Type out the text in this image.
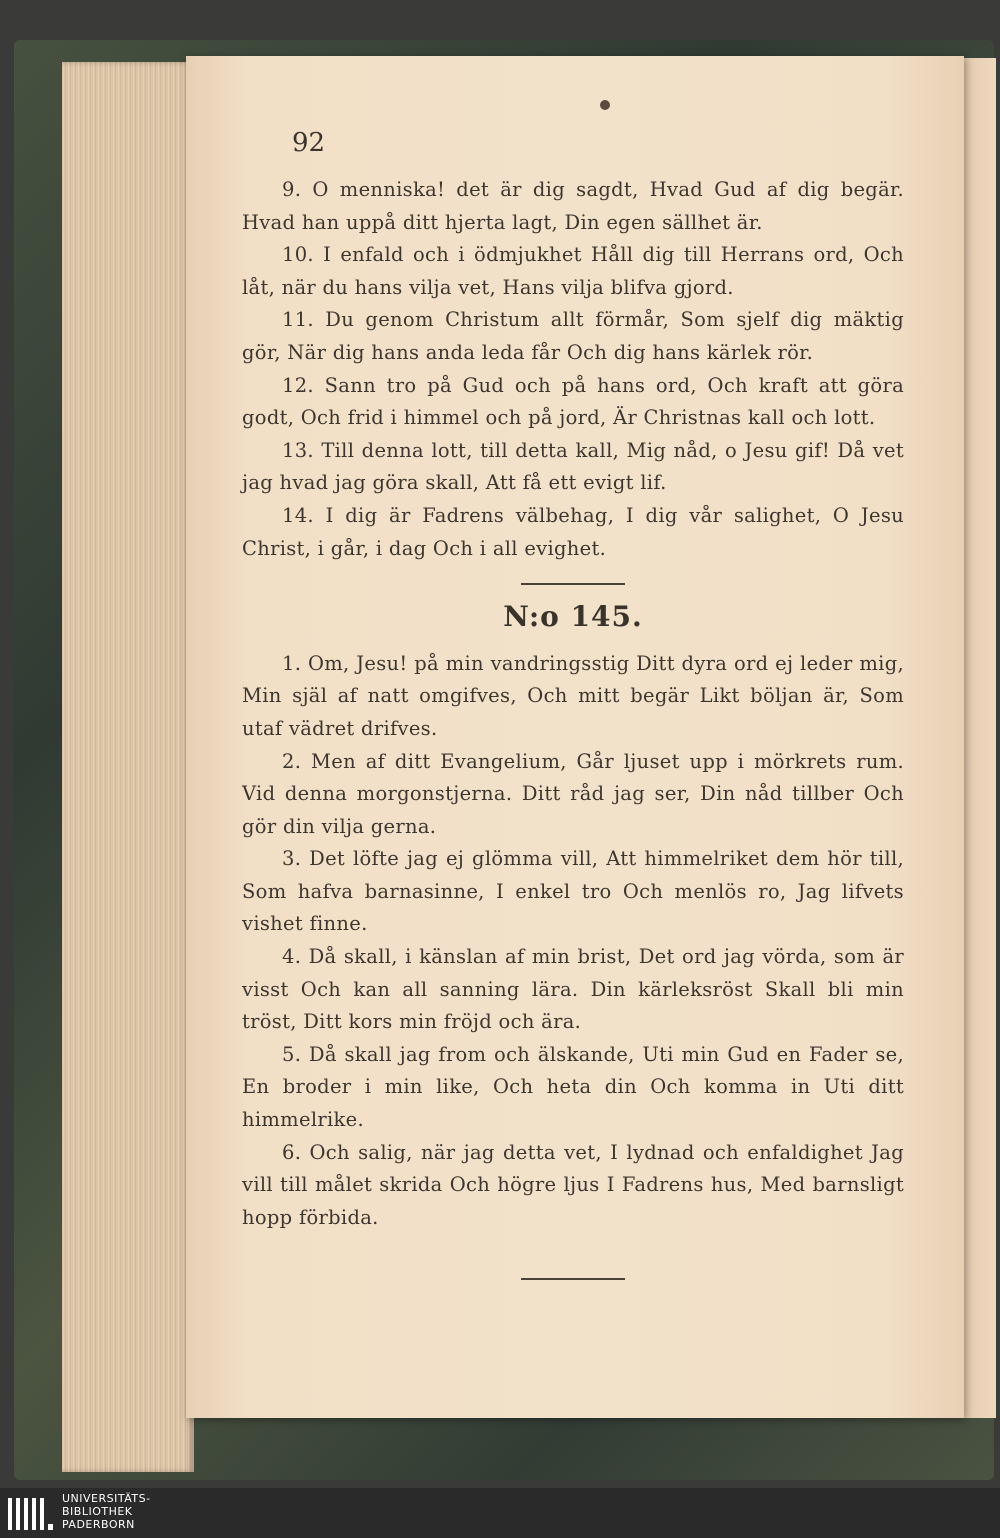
92

9. O menniska! det är dig sagdt, Hvad Gud af dig begär. Hvad han uppå ditt hjerta lagt, Din egen sällhet är.

10. I enfald och i ödmjukhet Håll dig till Herrans ord, Och låt, när du hans vilja vet, Hans vilja blifva gjord.

11. Du genom Christum allt förmår, Som sjelf dig mäktig gör, När dig hans anda leda får Och dig hans kärlek rör.

12. Sann tro på Gud och på hans ord, Och kraft att göra godt, Och frid i himmel och på jord, Är Christnas kall och lott.

13. Till denna lott, till detta kall, Mig nåd, o Jesu gif! Då vet jag hvad jag göra skall, Att få ett evigt lif.

14. I dig är Fadrens välbehag, I dig vår salighet, O Jesu Christ, i går, i dag Och i all evighet.

N:o 145.

1. Om, Jesu! på min vandringsstig Ditt dyra ord ej leder mig, Min själ af natt omgifves, Och mitt begär Likt böljan är, Som utaf vädret drifves.

2. Men af ditt Evangelium, Går ljuset upp i mörkrets rum. Vid denna morgonstjerna. Ditt råd jag ser, Din nåd tillber Och gör din vilja gerna.

3. Det löfte jag ej glömma vill, Att himmelriket dem hör till, Som hafva barnasinne, I enkel tro Och menlös ro, Jag lifvets vishet finne.

4. Då skall, i känslan af min brist, Det ord jag vörda, som är visst Och kan all sanning lära. Din kärleksröst Skall bli min tröst, Ditt kors min fröjd och ära.

5. Då skall jag from och älskande, Uti min Gud en Fader se, En broder i min like, Och heta din Och komma in Uti ditt himmelrike.

6. Och salig, när jag detta vet, I lydnad och enfaldighet Jag vill till målet skrida Och högre ljus I Fadrens hus, Med barnsligt hopp förbida.

UNIVERSITÄTS-
BIBLIOTHEK
PADERBORN
